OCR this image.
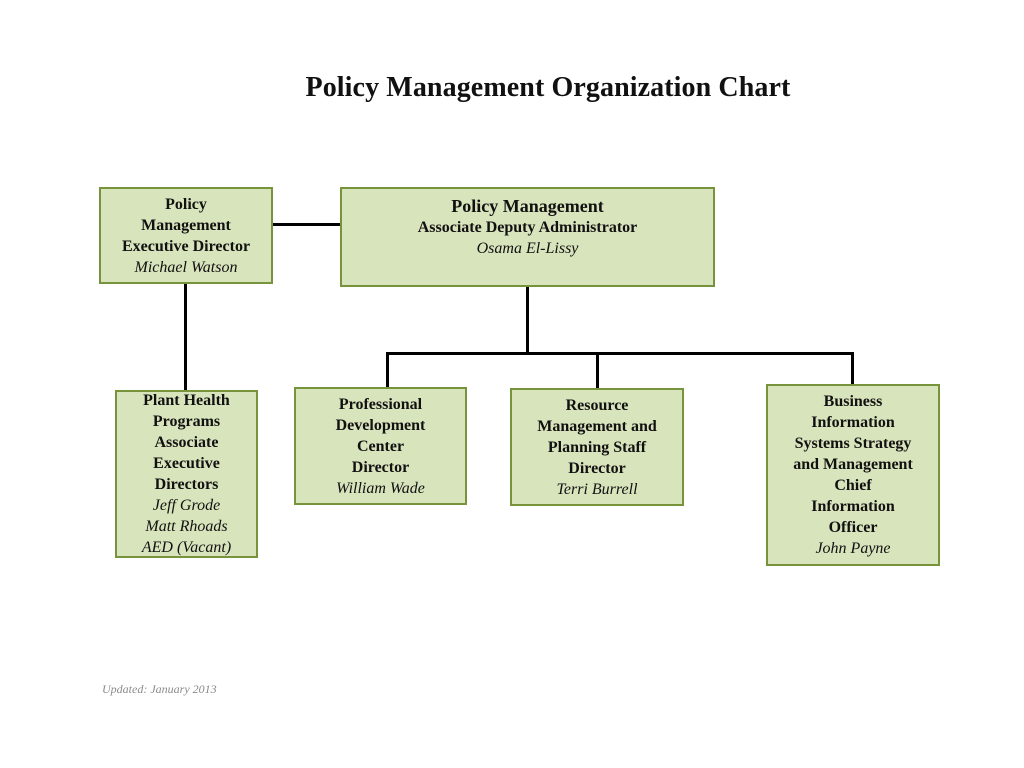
Policy Management Organization Chart
Policy
Management
Executive Director
Michael Watson
Policy Management
Associate Deputy Administrator
Osama El-Lissy
Plant Health
Programs
Associate
Executive
Directors
Jeff Grode
Matt Rhoads
AED (Vacant)
Professional
Development
Center
Director
William Wade
Resource
Management and
Planning Staff
Director
Terri Burrell
Business
Information
Systems Strategy
and Management
Chief
Information
Officer
John Payne
Updated: January 2013
